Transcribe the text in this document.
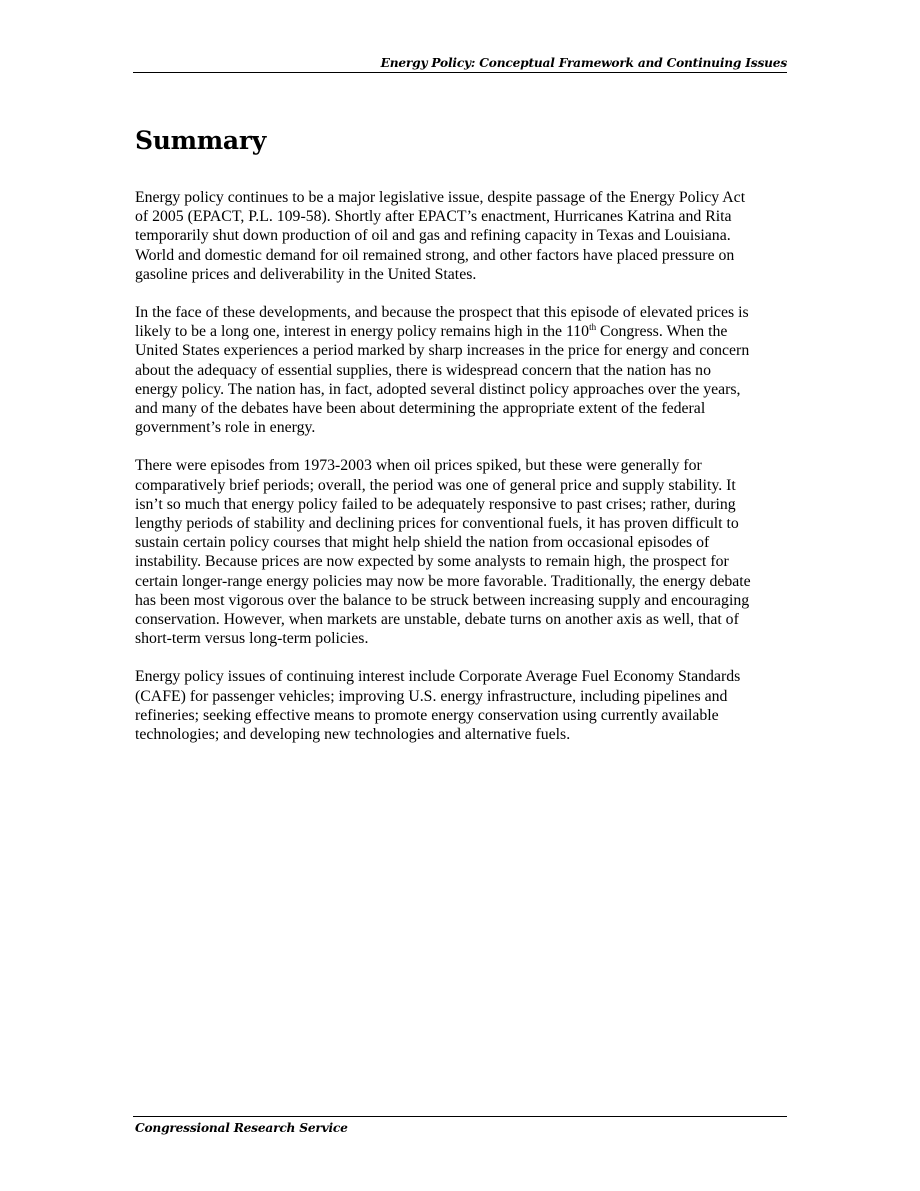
Energy Policy: Conceptual Framework and Continuing Issues
Summary

Energy policy continues to be a major legislative issue, despite passage of the Energy Policy Act
of 2005 (EPACT, P.L. 109-58). Shortly after EPACT’s enactment, Hurricanes Katrina and Rita
temporarily shut down production of oil and gas and refining capacity in Texas and Louisiana.
World and domestic demand for oil remained strong, and other factors have placed pressure on
gasoline prices and deliverability in the United States.

In the face of these developments, and because the prospect that this episode of elevated prices is
likely to be a long one, interest in energy policy remains high in the 110th Congress. When the
United States experiences a period marked by sharp increases in the price for energy and concern
about the adequacy of essential supplies, there is widespread concern that the nation has no
energy policy. The nation has, in fact, adopted several distinct policy approaches over the years,
and many of the debates have been about determining the appropriate extent of the federal
government’s role in energy.

There were episodes from 1973-2003 when oil prices spiked, but these were generally for
comparatively brief periods; overall, the period was one of general price and supply stability. It
isn’t so much that energy policy failed to be adequately responsive to past crises; rather, during
lengthy periods of stability and declining prices for conventional fuels, it has proven difficult to
sustain certain policy courses that might help shield the nation from occasional episodes of
instability. Because prices are now expected by some analysts to remain high, the prospect for
certain longer-range energy policies may now be more favorable. Traditionally, the energy debate
has been most vigorous over the balance to be struck between increasing supply and encouraging
conservation. However, when markets are unstable, debate turns on another axis as well, that of
short-term versus long-term policies.

Energy policy issues of continuing interest include Corporate Average Fuel Economy Standards
(CAFE) for passenger vehicles; improving U.S. energy infrastructure, including pipelines and
refineries; seeking effective means to promote energy conservation using currently available
technologies; and developing new technologies and alternative fuels.

Congressional Research Service
